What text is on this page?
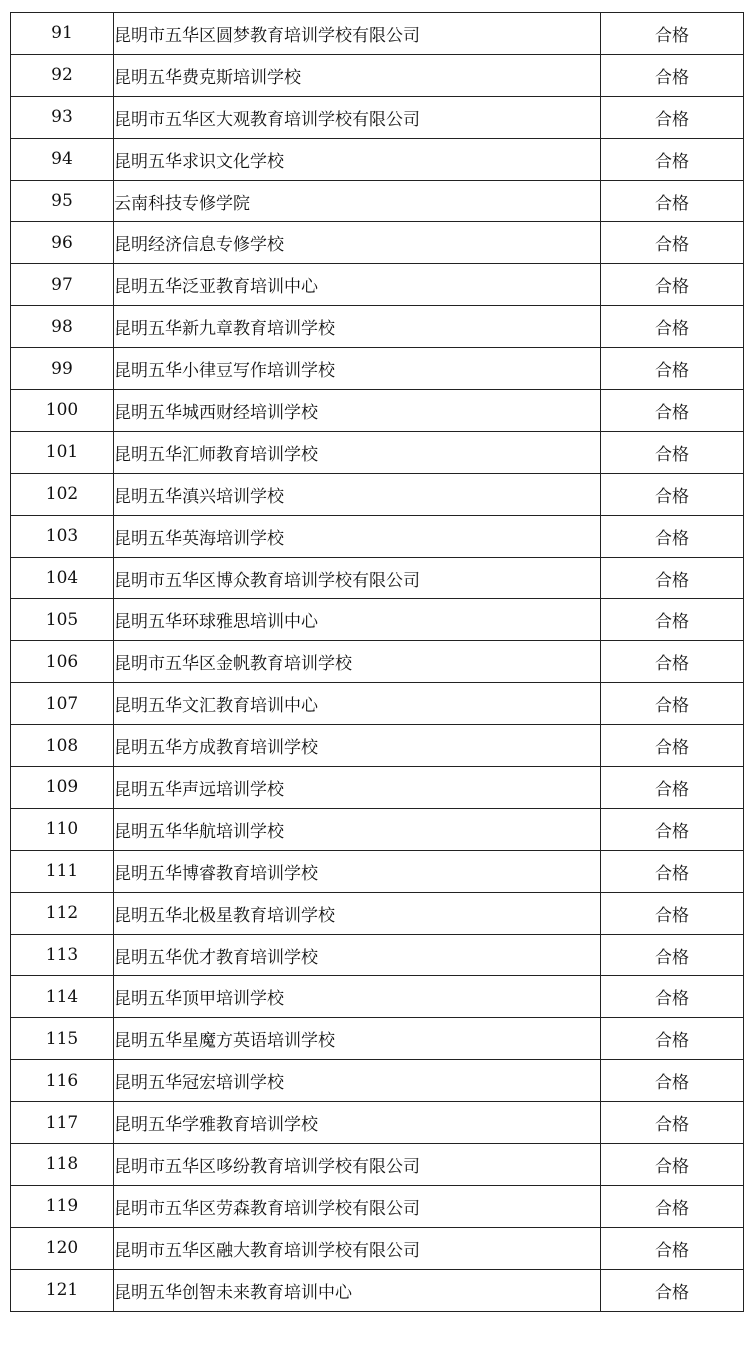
91	昆明市五华区圆梦教育培训学校有限公司	合格
92	昆明五华费克斯培训学校	合格
93	昆明市五华区大观教育培训学校有限公司	合格
94	昆明五华求识文化学校	合格
95	云南科技专修学院	合格
96	昆明经济信息专修学校	合格
97	昆明五华泛亚教育培训中心	合格
98	昆明五华新九章教育培训学校	合格
99	昆明五华小律豆写作培训学校	合格
100	昆明五华城西财经培训学校	合格
101	昆明五华汇师教育培训学校	合格
102	昆明五华滇兴培训学校	合格
103	昆明五华英海培训学校	合格
104	昆明市五华区博众教育培训学校有限公司	合格
105	昆明五华环球雅思培训中心	合格
106	昆明市五华区金帆教育培训学校	合格
107	昆明五华文汇教育培训中心	合格
108	昆明五华方成教育培训学校	合格
109	昆明五华声远培训学校	合格
110	昆明五华华航培训学校	合格
111	昆明五华博睿教育培训学校	合格
112	昆明五华北极星教育培训学校	合格
113	昆明五华优才教育培训学校	合格
114	昆明五华顶甲培训学校	合格
115	昆明五华星魔方英语培训学校	合格
116	昆明五华冠宏培训学校	合格
117	昆明五华学雅教育培训学校	合格
118	昆明市五华区哆纷教育培训学校有限公司	合格
119	昆明市五华区劳森教育培训学校有限公司	合格
120	昆明市五华区融大教育培训学校有限公司	合格
121	昆明五华创智未来教育培训中心	合格
